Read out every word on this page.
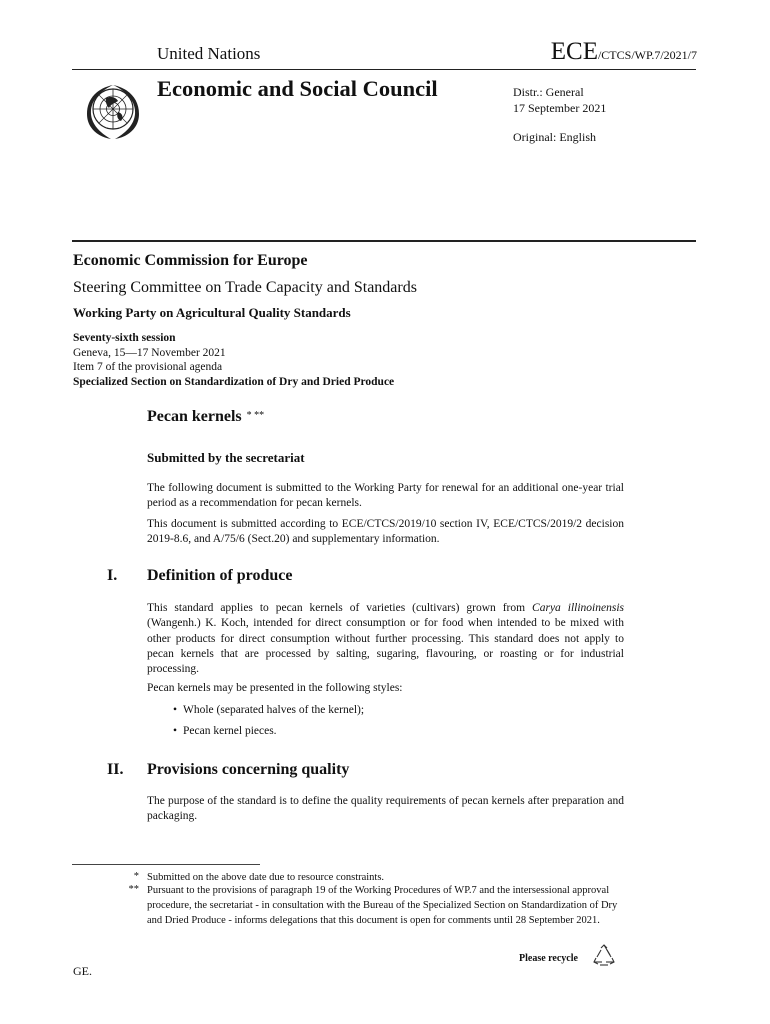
United Nations	ECE/CTCS/WP.7/2021/7
Economic and Social Council	Distr.: General
17 September 2021
Original: English
Economic Commission for Europe
Steering Committee on Trade Capacity and Standards
Working Party on Agricultural Quality Standards
Seventy-sixth session
Geneva, 15—17 November 2021
Item 7 of the provisional agenda
Specialized Section on Standardization of Dry and Dried Produce
Pecan kernels * **
Submitted by the secretariat
The following document is submitted to the Working Party for renewal for an additional one-year trial period as a recommendation for pecan kernels.
This document is submitted according to ECE/CTCS/2019/10 section IV, ECE/CTCS/2019/2 decision 2019-8.6, and A/75/6 (Sect.20) and supplementary information.
I. Definition of produce
This standard applies to pecan kernels of varieties (cultivars) grown from Carya illinoinensis (Wangenh.) K. Koch, intended for direct consumption or for food when intended to be mixed with other products for direct consumption without further processing. This standard does not apply to pecan kernels that are processed by salting, sugaring, flavouring, or roasting or for industrial processing.
Pecan kernels may be presented in the following styles:
• Whole (separated halves of the kernel);
• Pecan kernel pieces.
II. Provisions concerning quality
The purpose of the standard is to define the quality requirements of pecan kernels after preparation and packaging.
* Submitted on the above date due to resource constraints.
** Pursuant to the provisions of paragraph 19 of the Working Procedures of WP.7 and the intersessional approval procedure, the secretariat - in consultation with the Bureau of the Specialized Section on Standardization of Dry and Dried Produce - informs delegations that this document is open for comments until 28 September 2021.
GE.
Please recycle
